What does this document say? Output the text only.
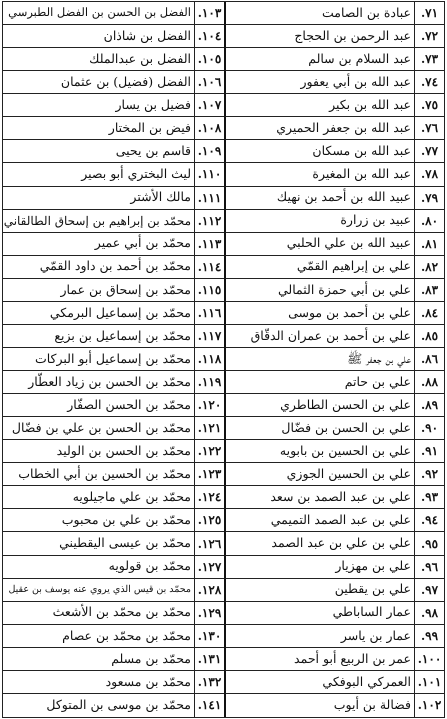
٧١.
عبادة بن الصامت
١٠٣.
الفضل بن الحسن بن الفضل الطبرسي
٧٢.
عبد الرحمن بن الحجاج
١٠٤.
الفضل بن شاذان
٧٣.
عبد السلام بن سالم
١٠٥.
الفضل بن عبدالملك
٧٤.
عبد الله بن أبي يعفور
١٠٦.
الفضل (فضيل) بن عثمان
٧٥.
عبد الله بن بكير
١٠٧.
فضيل بن يسار
٧٦.
عبد الله بن جعفر الحميري
١٠٨.
فيض بن المختار
٧٧.
عبد الله بن مسكان
١٠٩.
قاسم بن يحيى
٧٨.
عبد الله بن المغيرة
١١٠.
ليث البختري أبو بصير
٧٩.
عبيد الله بن أحمد بن نهيك
١١١.
مالك الأشتر
٨٠.
عبيد بن زرارة
١١٢.
محمّد بن إبراهيم بن إسحاق الطالقاني
٨١.
عبيد الله بن علي الحلبي
١١٣.
محمّد بن أبي عمير
٨٢.
علي بن إبراهيم القمّي
١١٤.
محمّد بن أحمد بن داود القمّي
٨٣.
علي بن أبي حمزة الثمالي
١١٥.
محمّد بن إسحاق بن عمار
٨٤.
علي بن أحمد بن موسى
١١٦.
محمّد بن إسماعيل البرمكي
٨٥.
علي بن أحمد بن عمران الدقّاق
١١٧.
محمّد بن إسماعيل بن بزيع
٨٦.
علي بن جعفر ﷺ
١١٨.
محمّد بن إسماعيل أبو البركات
٨٨.
علي بن حاتم
١١٩.
محمّد بن الحسن بن زياد العطّار
٨٩.
علي بن الحسن الطاطري
١٢٠.
محمّد بن الحسن الصفّار
٩٠.
علي بن الحسن بن فضّال
١٢١.
محمّد بن الحسن بن علي بن فضّال
٩١.
علي بن الحسين بن بابويه
١٢٢.
محمّد بن الحسن بن الوليد
٩٢.
علي بن الحسين الجوزي
١٢٣.
محمّد بن الحسين بن أبي الخطاب
٩٣.
علي بن عبد الصمد بن سعد
١٢٤.
محمّد بن علي ماجيلويه
٩٤.
علي بن عبد الصمد التميمي
١٢٥.
محمّد بن علي بن محبوب
٩٥.
علي بن علي بن عبد الصمد
١٢٦.
محمّد بن عيسى اليقطيني
٩٦.
علي بن مهزيار
١٢٧.
محمّد بن قولويه
٩٧.
علي بن يقطين
١٢٨.
محمّد بن قيس الذي يروي عنه يوسف بن عقيل
٩٨.
عمار الساباطي
١٢٩.
محمّد بن محمّد بن الأشعث
٩٩.
عمار بن ياسر
١٣٠.
محمّد بن محمّد بن عصام
١٠٠.
عمر بن الربيع أبو أحمد
١٣١.
محمّد بن مسلم
١٠١.
العمركي البوفكي
١٣٢.
محمّد بن مسعود
١٠٢.
فضالة بن أيوب
١٤١.
محمّد بن موسى بن المتوكل
